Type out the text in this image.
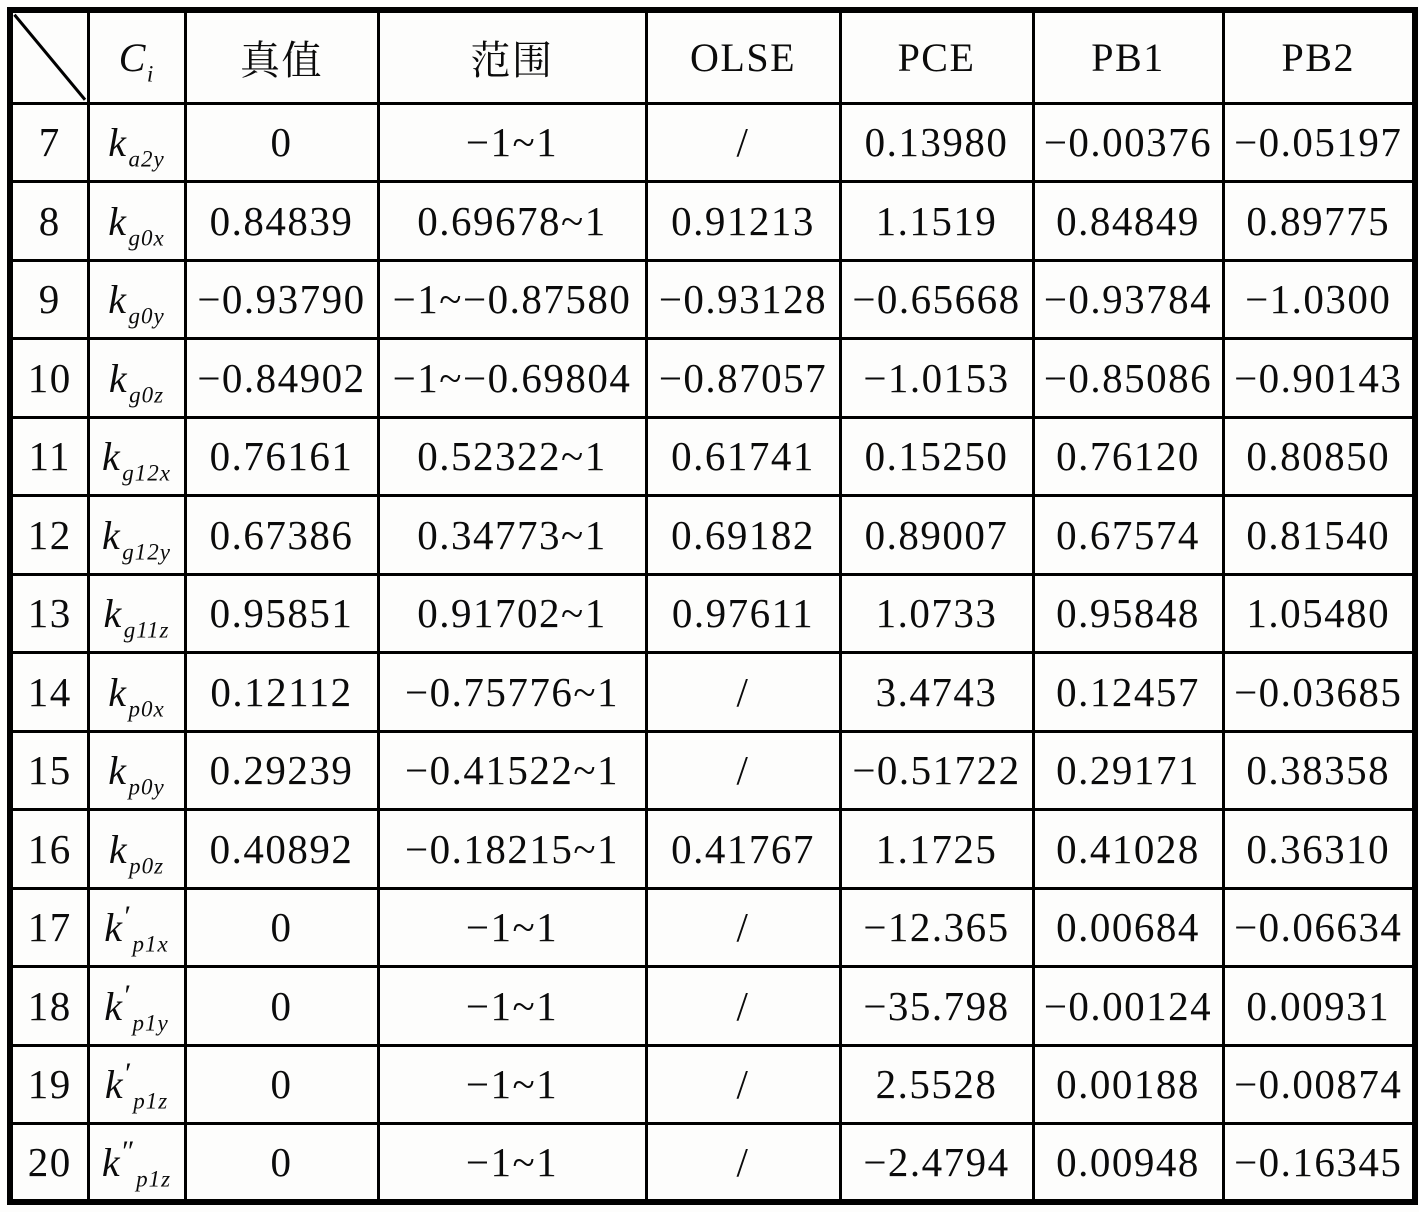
	$C_i$	真值	范围	OLSE	PCE	PB1	PB2
7	$k_{a2y}$	0	−1~1	/	0.13980	−0.00376	−0.05197
8	$k_{g0x}$	0.84839	0.69678~1	0.91213	1.1519	0.84849	0.89775
9	$k_{g0y}$	−0.93790	−1~−0.87580	−0.93128	−0.65668	−0.93784	−1.0300
10	$k_{g0z}$	−0.84902	−1~−0.69804	−0.87057	−1.0153	−0.85086	−0.90143
11	$k_{g12x}$	0.76161	0.52322~1	0.61741	0.15250	0.76120	0.80850
12	$k_{g12y}$	0.67386	0.34773~1	0.69182	0.89007	0.67574	0.81540
13	$k_{g11z}$	0.95851	0.91702~1	0.97611	1.0733	0.95848	1.05480
14	$k_{p0x}$	0.12112	−0.75776~1	/	3.4743	0.12457	−0.03685
15	$k_{p0y}$	0.29239	−0.41522~1	/	−0.51722	0.29171	0.38358
16	$k_{p0z}$	0.40892	−0.18215~1	0.41767	1.1725	0.41028	0.36310
17	$k'_{p1x}$	0	−1~1	/	−12.365	0.00684	−0.06634
18	$k'_{p1y}$	0	−1~1	/	−35.798	−0.00124	0.00931
19	$k'_{p1z}$	0	−1~1	/	2.5528	0.00188	−0.00874
20	$k''_{p1z}$	0	−1~1	/	−2.4794	0.00948	−0.16345
